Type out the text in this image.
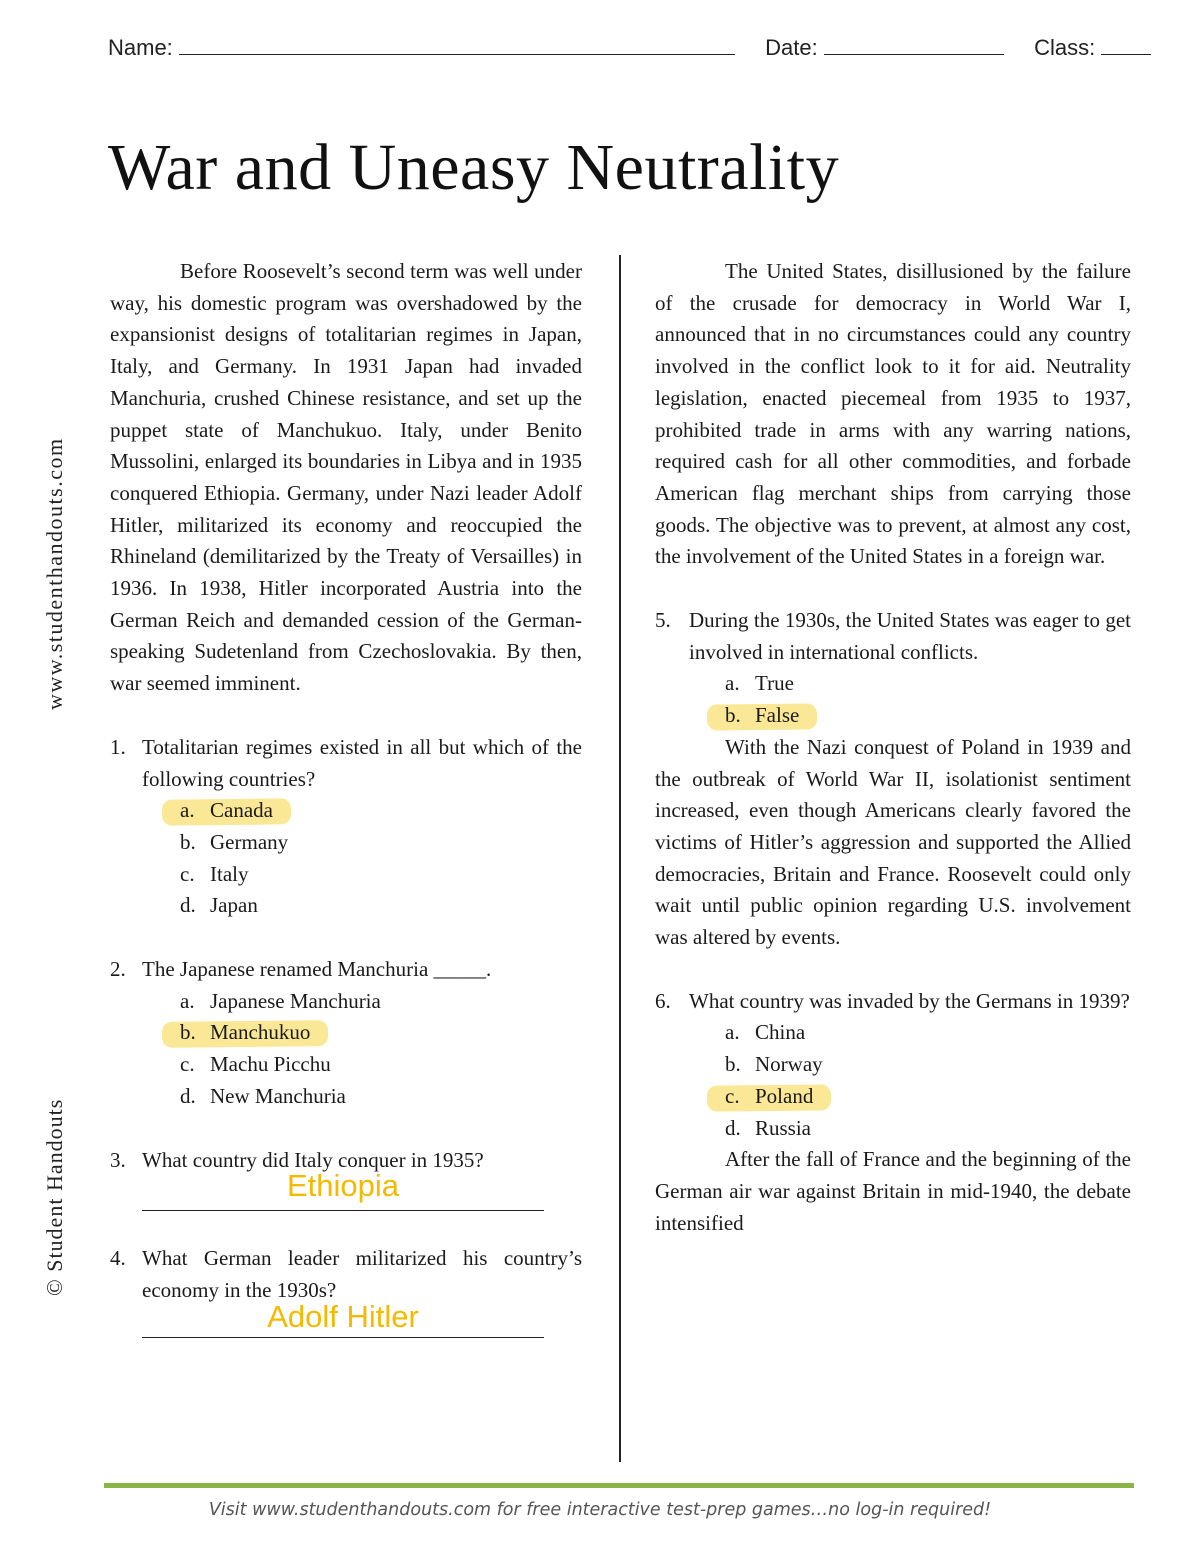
Name:	Date:	Class:
War and Uneasy Neutrality
www.studenthandouts.com
© Student Handouts

Before Roosevelt’s second term was well under way, his domestic program was overshadowed by the expansionist designs of totalitarian regimes in Japan, Italy, and Germany. In 1931 Japan had invaded Manchuria, crushed Chinese resistance, and set up the puppet state of Manchukuo. Italy, under Benito Mussolini, enlarged its boundaries in Libya and in 1935 conquered Ethiopia. Germany, under Nazi leader Adolf Hitler, militarized its economy and reoccupied the Rhineland (demilitarized by the Treaty of Versailles) in 1936. In 1938, Hitler incorporated Austria into the German Reich and demanded cession of the German-speaking Sudetenland from Czechoslovakia. By then, war seemed imminent.

1. Totalitarian regimes existed in all but which of the following countries?
a. Canada
b. Germany
c. Italy
d. Japan
2. The Japanese renamed Manchuria _____.
a. Japanese Manchuria
b. Manchukuo
c. Machu Picchu
d. New Manchuria
3. What country did Italy conquer in 1935?
Ethiopia
4. What German leader militarized his country’s economy in the 1930s?
Adolf Hitler

The United States, disillusioned by the failure of the crusade for democracy in World War I, announced that in no circumstances could any country involved in the conflict look to it for aid. Neutrality legislation, enacted piecemeal from 1935 to 1937, prohibited trade in arms with any warring nations, required cash for all other commodities, and forbade American flag merchant ships from carrying those goods. The objective was to prevent, at almost any cost, the involvement of the United States in a foreign war.

5. During the 1930s, the United States was eager to get involved in international conflicts.
a. True
b. False

With the Nazi conquest of Poland in 1939 and the outbreak of World War II, isolationist sentiment increased, even though Americans clearly favored the victims of Hitler’s aggression and supported the Allied democracies, Britain and France. Roosevelt could only wait until public opinion regarding U.S. involvement was altered by events.

6. What country was invaded by the Germans in 1939?
a. China
b. Norway
c. Poland
d. Russia

After the fall of France and the beginning of the German air war against Britain in mid-1940, the debate intensified

Visit www.studenthandouts.com for free interactive test-prep games…no log-in required!
